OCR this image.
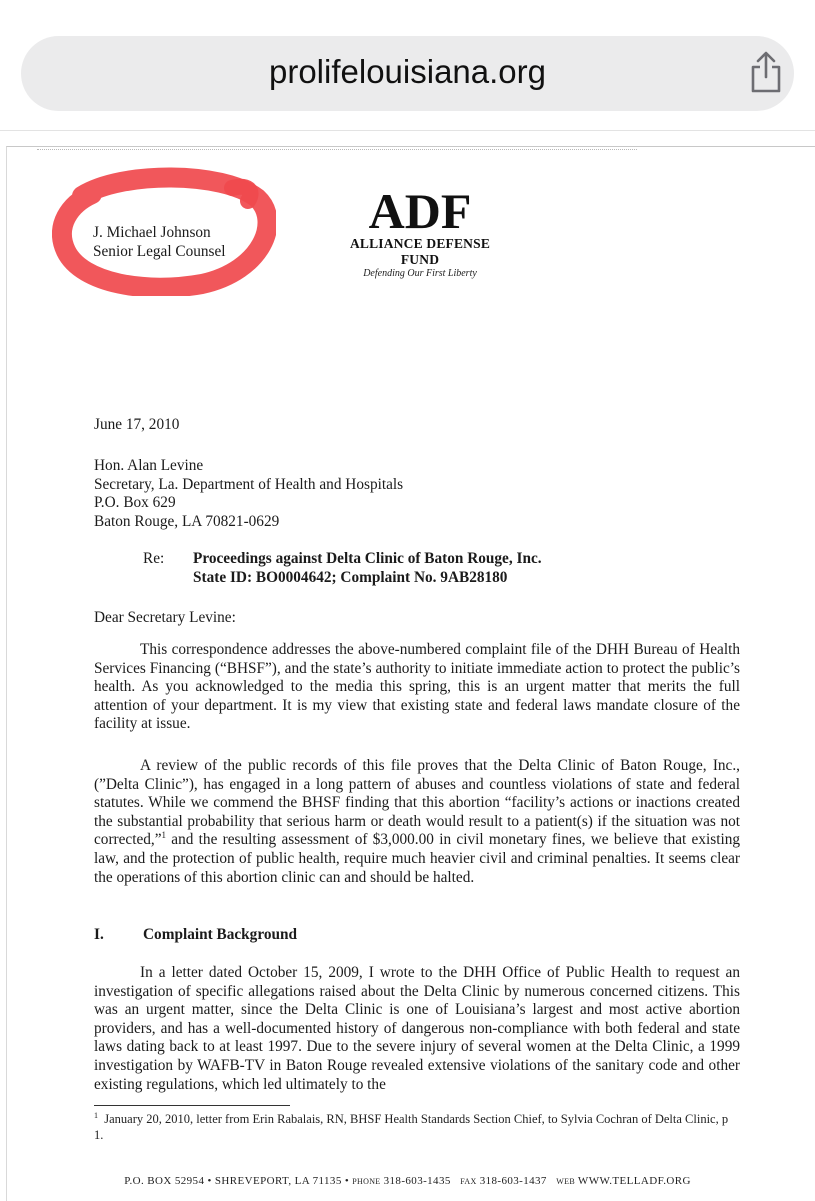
prolifelouisiana.org
J. Michael Johnson
Senior Legal Counsel
ADF
ALLIANCE DEFENSE FUND
Defending Our First Liberty
June 17, 2010
Hon. Alan Levine
Secretary, La. Department of Health and Hospitals
P.O. Box 629
Baton Rouge, LA 70821-0629
Re: Proceedings against Delta Clinic of Baton Rouge, Inc.
State ID: BO0004642; Complaint No. 9AB28180
Dear Secretary Levine:
This correspondence addresses the above-numbered complaint file of the DHH Bureau of Health Services Financing (“BHSF”), and the state’s authority to initiate immediate action to protect the public’s health. As you acknowledged to the media this spring, this is an urgent matter that merits the full attention of your department. It is my view that existing state and federal laws mandate closure of the facility at issue.
A review of the public records of this file proves that the Delta Clinic of Baton Rouge, Inc., (”Delta Clinic”), has engaged in a long pattern of abuses and countless violations of state and federal statutes. While we commend the BHSF finding that this abortion “facility’s actions or inactions created the substantial probability that serious harm or death would result to a patient(s) if the situation was not corrected,”$^1$ and the resulting assessment of $3,000.00 in civil monetary fines, we believe that existing law, and the protection of public health, require much heavier civil and criminal penalties. It seems clear the operations of this abortion clinic can and should be halted.
I.	Complaint Background
In a letter dated October 15, 2009, I wrote to the DHH Office of Public Health to request an investigation of specific allegations raised about the Delta Clinic by numerous concerned citizens. This was an urgent matter, since the Delta Clinic is one of Louisiana’s largest and most active abortion providers, and has a well-documented history of dangerous non-compliance with both federal and state laws dating back to at least 1997. Due to the severe injury of several women at the Delta Clinic, a 1999 investigation by WAFB-TV in Baton Rouge revealed extensive violations of the sanitary code and other existing regulations, which led ultimately to the
$^1$ January 20, 2010, letter from Erin Rabalais, RN, BHSF Health Standards Section Chief, to Sylvia Cochran of Delta Clinic, p 1.
P.O. BOX 52954 • SHREVEPORT, LA 71135 • PHONE 318-603-1435 FAX 318-603-1437 WEB WWW.TELLADF.ORG
